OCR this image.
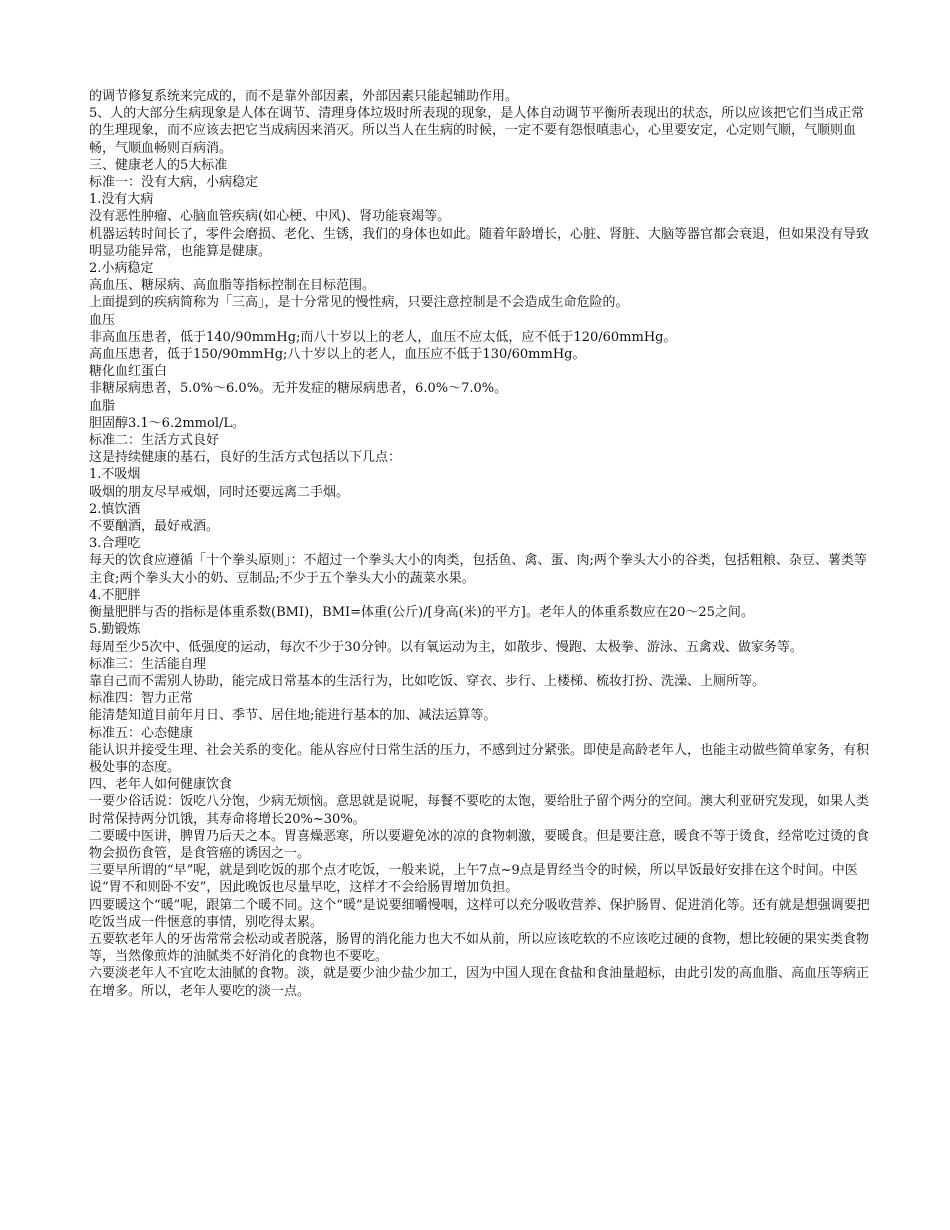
的调节修复系统来完成的，而不是靠外部因素，外部因素只能起辅助作用。

5、人的大部分生病现象是人体在调节、清理身体垃圾时所表现的现象，是人体自动调节平衡所表现出的状态，所以应该把它们当成正常的生理现象，而不应该去把它当成病因来消灭。所以当人在生病的时候，一定不要有怨恨嗔恚心，心里要安定，心定则气顺，气顺则血畅，气顺血畅则百病消。

三、健康老人的5大标准

标准一：没有大病，小病稳定

1.没有大病

没有恶性肿瘤、心脑血管疾病(如心梗、中风)、肾功能衰竭等。

机器运转时间长了，零件会磨损、老化、生锈，我们的身体也如此。随着年龄增长，心脏、肾脏、大脑等器官都会衰退，但如果没有导致明显功能异常，也能算是健康。

2.小病稳定

高血压、糖尿病、高血脂等指标控制在目标范围。

上面提到的疾病简称为「三高」，是十分常见的慢性病，只要注意控制是不会造成生命危险的。

血压

非高血压患者，低于140/90mmHg;而八十岁以上的老人，血压不应太低，应不低于120/60mmHg。

高血压患者，低于150/90mmHg;八十岁以上的老人，血压应不低于130/60mmHg。

糖化血红蛋白

非糖尿病患者，5.0%～6.0%。无并发症的糖尿病患者，6.0%～7.0%。

血脂

胆固醇3.1～6.2mmol/L。

标准二：生活方式良好

这是持续健康的基石，良好的生活方式包括以下几点：

1.不吸烟

吸烟的朋友尽早戒烟，同时还要远离二手烟。

2.慎饮酒

不要酗酒，最好戒酒。

3.合理吃

每天的饮食应遵循「十个拳头原则」：不超过一个拳头大小的肉类，包括鱼、禽、蛋、肉;两个拳头大小的谷类，包括粗粮、杂豆、薯类等主食;两个拳头大小的奶、豆制品;不少于五个拳头大小的蔬菜水果。

4.不肥胖

衡量肥胖与否的指标是体重系数(BMI)，BMI=体重(公斤)/[身高(米)的平方]。老年人的体重系数应在20～25之间。

5.勤锻炼

每周至少5次中、低强度的运动，每次不少于30分钟。以有氧运动为主，如散步、慢跑、太极拳、游泳、五禽戏、做家务等。

标准三：生活能自理

靠自己而不需别人协助，能完成日常基本的生活行为，比如吃饭、穿衣、步行、上楼梯、梳妆打扮、洗澡、上厕所等。

标准四：智力正常

能清楚知道目前年月日、季节、居住地;能进行基本的加、减法运算等。

标准五：心态健康

能认识并接受生理、社会关系的变化。能从容应付日常生活的压力，不感到过分紧张。即使是高龄老年人，也能主动做些简单家务，有积极处事的态度。

四、老年人如何健康饮食

一要少俗话说：饭吃八分饱，少病无烦恼。意思就是说呢，每餐不要吃的太饱，要给肚子留个两分的空间。澳大利亚研究发现，如果人类时常保持两分饥饿，其寿命将增长20%~30%。

二要暖中医讲，脾胃乃后天之本。胃喜燥恶寒，所以要避免冰的凉的食物刺激，要暖食。但是要注意，暖食不等于烫食，经常吃过烫的食物会损伤食管，是食管癌的诱因之一。

三要早所谓的“早”呢，就是到吃饭的那个点才吃饭，一般来说，上午7点~9点是胃经当令的时候，所以早饭最好安排在这个时间。中医说“胃不和则卧不安”，因此晚饭也尽量早吃，这样才不会给肠胃增加负担。

四要暖这个“暖”呢，跟第二个暖不同。这个“暖”是说要细嚼慢咽，这样可以充分吸收营养、保护肠胃、促进消化等。还有就是想强调要把吃饭当成一件惬意的事情，别吃得太累。

五要软老年人的牙齿常常会松动或者脱落，肠胃的消化能力也大不如从前，所以应该吃软的不应该吃过硬的食物，想比较硬的果实类食物等，当然像煎炸的油腻类不好消化的食物也不要吃。

六要淡老年人不宜吃太油腻的食物。淡，就是要少油少盐少加工，因为中国人现在食盐和食油量超标，由此引发的高血脂、高血压等病正在增多。所以，老年人要吃的淡一点。
